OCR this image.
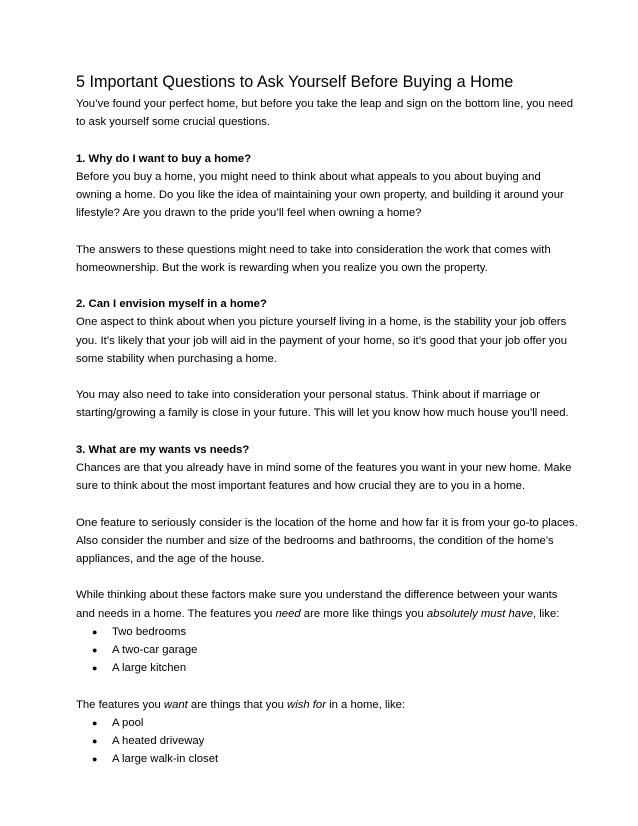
5 Important Questions to Ask Yourself Before Buying a Home

You’ve found your perfect home, but before you take the leap and sign on the bottom line, you need to ask yourself some crucial questions.

1. Why do I want to buy a home?

Before you buy a home, you might need to think about what appeals to you about buying and owning a home. Do you like the idea of maintaining your own property, and building it around your lifestyle? Are you drawn to the pride you’ll feel when owning a home?

The answers to these questions might need to take into consideration the work that comes with homeownership. But the work is rewarding when you realize you own the property.

2. Can I envision myself in a home?

One aspect to think about when you picture yourself living in a home, is the stability your job offers you. It’s likely that your job will aid in the payment of your home, so it’s good that your job offer you some stability when purchasing a home.

You may also need to take into consideration your personal status. Think about if marriage or starting/growing a family is close in your future. This will let you know how much house you’ll need.

3. What are my wants vs needs?

Chances are that you already have in mind some of the features you want in your new home. Make sure to think about the most important features and how crucial they are to you in a home.

One feature to seriously consider is the location of the home and how far it is from your go-to places. Also consider the number and size of the bedrooms and bathrooms, the condition of the home’s appliances, and the age of the house.

While thinking about these factors make sure you understand the difference between your wants and needs in a home. The features you need are more like things you absolutely must have, like:

● Two bedrooms
● A two-car garage
● A large kitchen

The features you want are things that you wish for in a home, like:

● A pool
● A heated driveway
● A large walk-in closet
